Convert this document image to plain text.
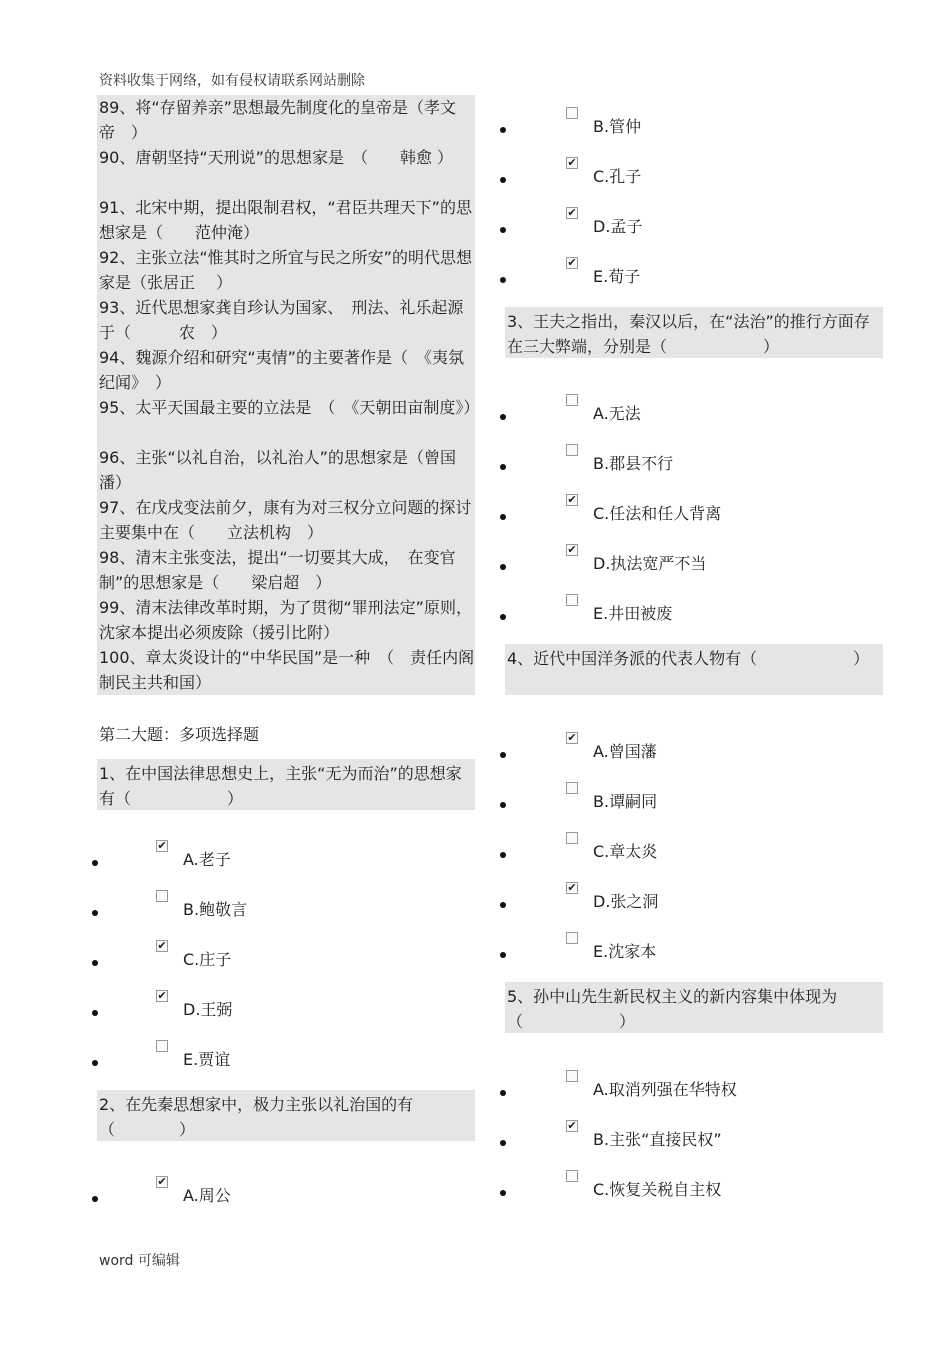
资料收集于网络，如有侵权请联系网站删除
89、将“存留养亲”思想最先制度化的皇帝是（孝文帝　）
90、唐朝坚持“天刑说”的思想家是　（　　韩愈 ）
91、北宋中期，提出限制君权，“君臣共理天下”的思想家是（　　范仲淹）
92、主张立法“惟其时之所宜与民之所安”的明代思想家是（张居正　 ）
93、近代思想家龚自珍认为国家、　刑法、礼乐起源于（　　　农　）
94、魏源介绍和研究“夷情”的主要著作是（　《夷氛纪闻》　）
95、太平天国最主要的立法是　（　《天朝田亩制度》）
96、主张“以礼自治，以礼治人”的思想家是（曾国潘）
97、在戊戌变法前夕，康有为对三权分立问题的探讨主要集中在（　　立法机构　）
98、清末主张变法，提出“一切要其大成，　在变官制”的思想家是（　　梁启超　）
99、清末法律改革时期，为了贯彻“罪刑法定”原则，沈家本提出必须废除（援引比附）
100、章太炎设计的“中华民国”是一种　（　责任内阁制民主共和国）
第二大题：多项选择题
1、在中国法律思想史上，主张“无为而治”的思想家有（　　　　　　）
✔
A.老子
B.鲍敬言
✔
C.庄子
✔
D.王弼
E.贾谊
2、在先秦思想家中，极力主张以礼治国的有（　　　　）
✔
A.周公
B.管仲
✔
C.孔子
✔
D.孟子
✔
E.荀子
3、王夫之指出，秦汉以后，在“法治”的推行方面存在三大弊端，分别是（　　　　　　）
A.无法
B.郡县不行
✔
C.任法和任人背离
✔
D.执法宽严不当
E.井田被废
4、近代中国洋务派的代表人物有（　　　　　　）
✔
A.曾国藩
B.谭嗣同
C.章太炎
✔
D.张之洞
E.沈家本
5、孙中山先生新民权主义的新内容集中体现为（　　　　　　）
A.取消列强在华特权
✔
B.主张“直接民权”
C.恢复关税自主权
word 可编辑
